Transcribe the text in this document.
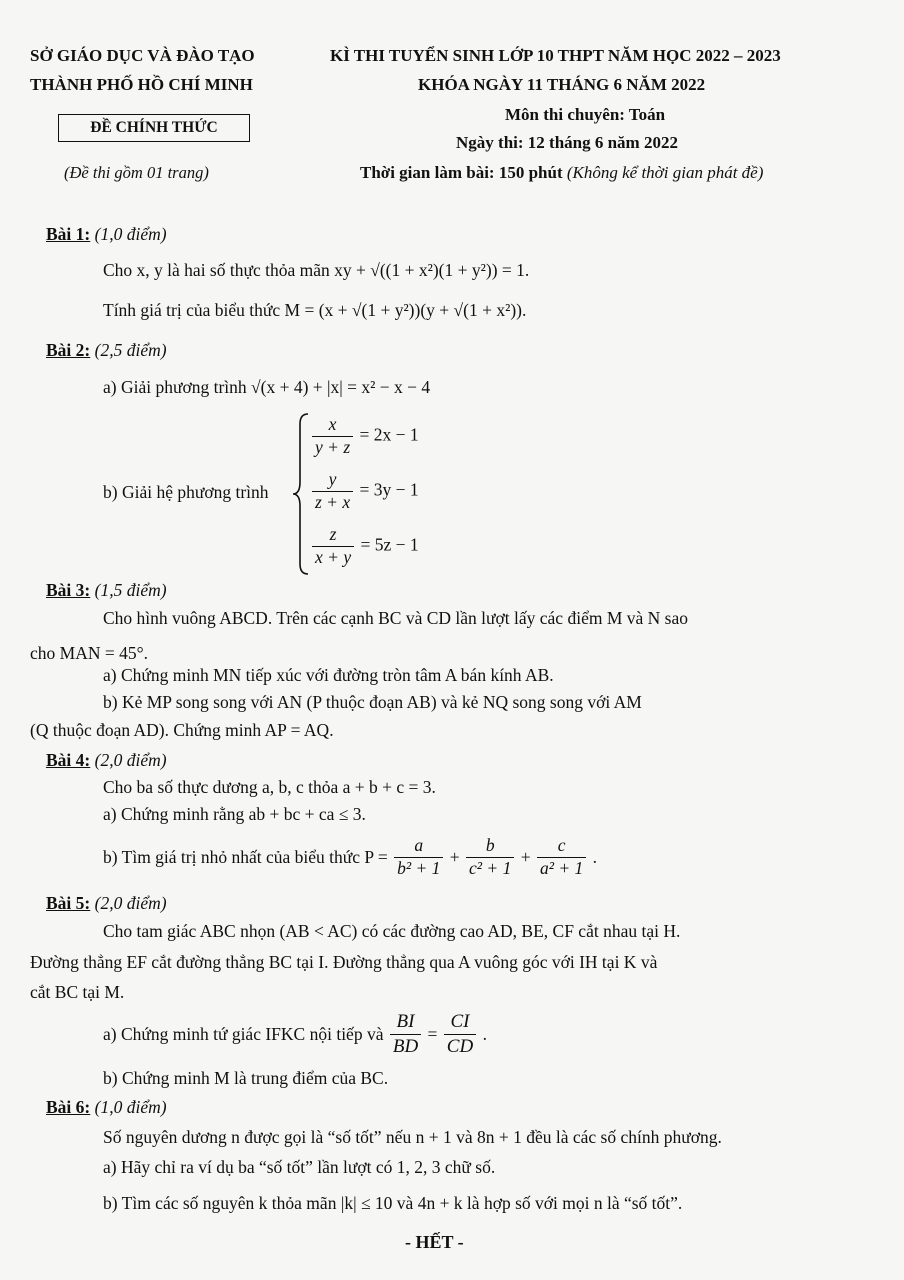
SỞ GIÁO DỤC VÀ ĐÀO TẠO
THÀNH PHỐ HỒ CHÍ MINH
ĐỀ CHÍNH THỨC
(Đề thi gồm 01 trang)
KÌ THI TUYỂN SINH LỚP 10 THPT NĂM HỌC 2022 – 2023
KHÓA NGÀY 11 THÁNG 6 NĂM 2022
Môn thi chuyên: Toán
Ngày thi: 12 tháng 6 năm 2022
Thời gian làm bài: 150 phút (Không kể thời gian phát đề)
Bài 1: (1,0 điểm)
Cho x, y là hai số thực thỏa mãn xy + √((1 + x²)(1 + y²)) = 1.
Tính giá trị của biểu thức M = (x + √(1 + y²))(y + √(1 + x²)).
Bài 2: (2,5 điểm)
a) Giải phương trình √(x + 4) + |x| = x² − x − 4
b) Giải hệ phương trình
$\frac{x}{y + z} = 2x - 1$
$\frac{y}{z + x} = 3y - 1$
$\frac{z}{x + y} = 5z - 1$
Bài 3: (1,5 điểm)
Cho hình vuông ABCD. Trên các cạnh BC và CD lần lượt lấy các điểm M và N sao
cho MAN = 45°.
a) Chứng minh MN tiếp xúc với đường tròn tâm A bán kính AB.
b) Kẻ MP song song với AN (P thuộc đoạn AB) và kẻ NQ song song với AM
(Q thuộc đoạn AD). Chứng minh AP = AQ.
Bài 4: (2,0 điểm)
Cho ba số thực dương a, b, c thỏa a + b + c = 3.
a) Chứng minh rằng ab + bc + ca ≤ 3.
b) Tìm giá trị nhỏ nhất của biểu thức $P = \frac{a}{\text{b² + 1}} + \frac{b}{\text{c² + 1}} + \frac{c}{\text{a² + 1}}$ .
Bài 5: (2,0 điểm)
Cho tam giác ABC nhọn (AB < AC) có các đường cao AD, BE, CF cắt nhau tại H.
Đường thẳng EF cắt đường thẳng BC tại I. Đường thẳng qua A vuông góc với IH tại K và
cắt BC tại M.
a) Chứng minh tứ giác IFKC nội tiếp và $\frac{BI}{BD} = \frac{CI}{CD}$ .
b) Chứng minh M là trung điểm của BC.
Bài 6: (1,0 điểm)
Số nguyên dương n được gọi là “số tốt” nếu n + 1 và 8n + 1 đều là các số chính phương.
a) Hãy chỉ ra ví dụ ba “số tốt” lần lượt có 1, 2, 3 chữ số.
b) Tìm các số nguyên k thỏa mãn |k| ≤ 10 và 4n + k là hợp số với mọi n là “số tốt”.
- HẾT -
